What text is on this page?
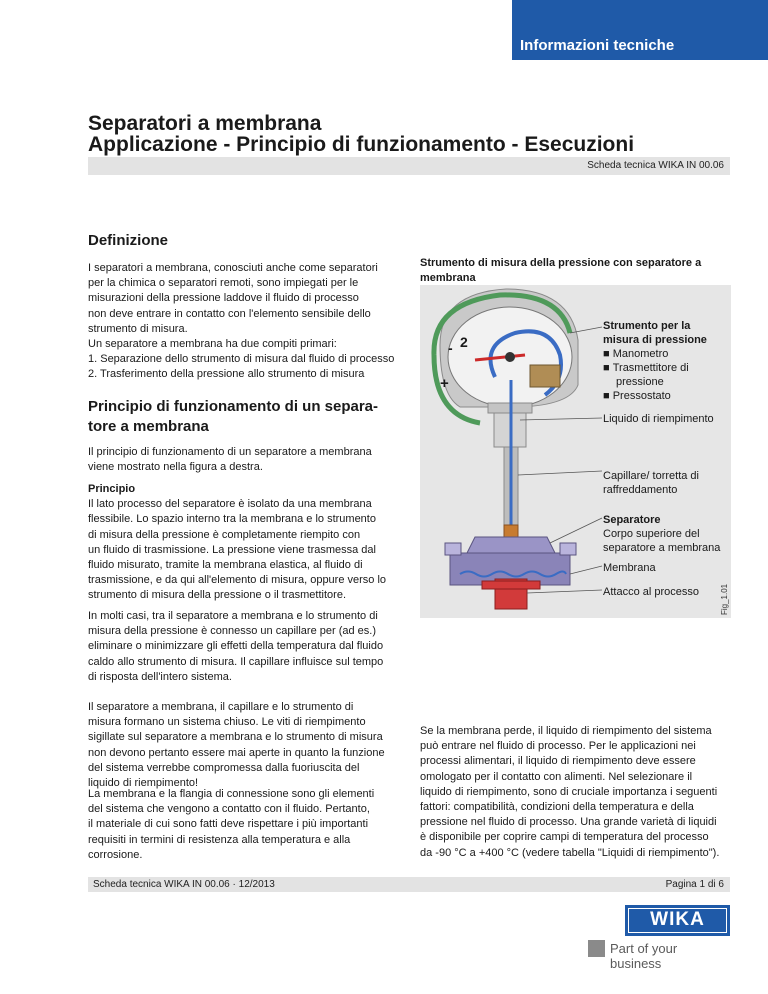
Informazioni tecniche
Separatori a membrana
Applicazione - Principio di funzionamento - Esecuzioni
Scheda tecnica WIKA IN 00.06
Definizione

I separatori a membrana, conosciuti anche come separatori

per la chimica o separatori remoti, sono impiegati per le

misurazioni della pressione laddove il fluido di processo

non deve entrare in contatto con l'elemento sensibile dello

strumento di misura.

Un separatore a membrana ha due compiti primari:

1. Separazione dello strumento di misura dal fluido di processo

2. Trasferimento della pressione allo strumento di misura

Principio di funzionamento di un separa-
tore a membrana

Il principio di funzionamento di un separatore a membrana

viene mostrato nella figura a destra.

Principio

Il lato processo del separatore è isolato da una membrana

flessibile. Lo spazio interno tra la membrana e lo strumento

di misura della pressione è completamente riempito con

un fluido di trasmissione. La pressione viene trasmessa dal

fluido misurato, tramite la membrana elastica, al fluido di

trasmissione, e da qui all'elemento di misura, oppure verso lo

strumento di misura della pressione o il trasmettitore.

In molti casi, tra il separatore a membrana e lo strumento di

misura della pressione è connesso un capillare per (ad es.)

eliminare o minimizzare gli effetti della temperatura dal fluido

caldo allo strumento di misura. Il capillare influisce sul tempo

di risposta dell'intero sistema.

Il separatore a membrana, il capillare e lo strumento di

misura formano un sistema chiuso. Le viti di riempimento

sigillate sul separatore a membrana e lo strumento di misura

non devono pertanto essere mai aperte in quanto la funzione

del sistema verrebbe compromessa dalla fuoriuscita del

liquido di riempimento!

La membrana e la flangia di connessione sono gli elementi

del sistema che vengono a contatto con il fluido. Pertanto,

il materiale di cui sono fatti deve rispettare i più importanti

requisiti in termini di resistenza alla temperatura e alla

corrosione.

Strumento di misura della pressione con separatore a

membrana

2
-
+
Strumento per la
misura di pressione
■ Manometro
■ Trasmettitore di
pressione
■ Pressostato
Liquido di riempimento
Capillare/ torretta di
raffreddamento
Separatore
Corpo superiore del
separatore a membrana
Membrana
Attacco al processo	Fig_1.01

Se la membrana perde, il liquido di riempimento del sistema

può entrare nel fluido di processo. Per le applicazioni nei

processi alimentari, il liquido di riempimento deve essere

omologato per il contatto con alimenti. Nel selezionare il

liquido di riempimento, sono di cruciale importanza i seguenti

fattori: compatibilità, condizioni della temperatura e della

pressione nel fluido di processo. Una grande varietà di liquidi

è disponibile per coprire campi di temperatura del processo

da -90 °C a +400 °C (vedere tabella "Liquidi di riempimento").

Scheda tecnica WIKA IN 00.06 · 12/2013	Pagina 1 di 6
WIKA
Part of your business
